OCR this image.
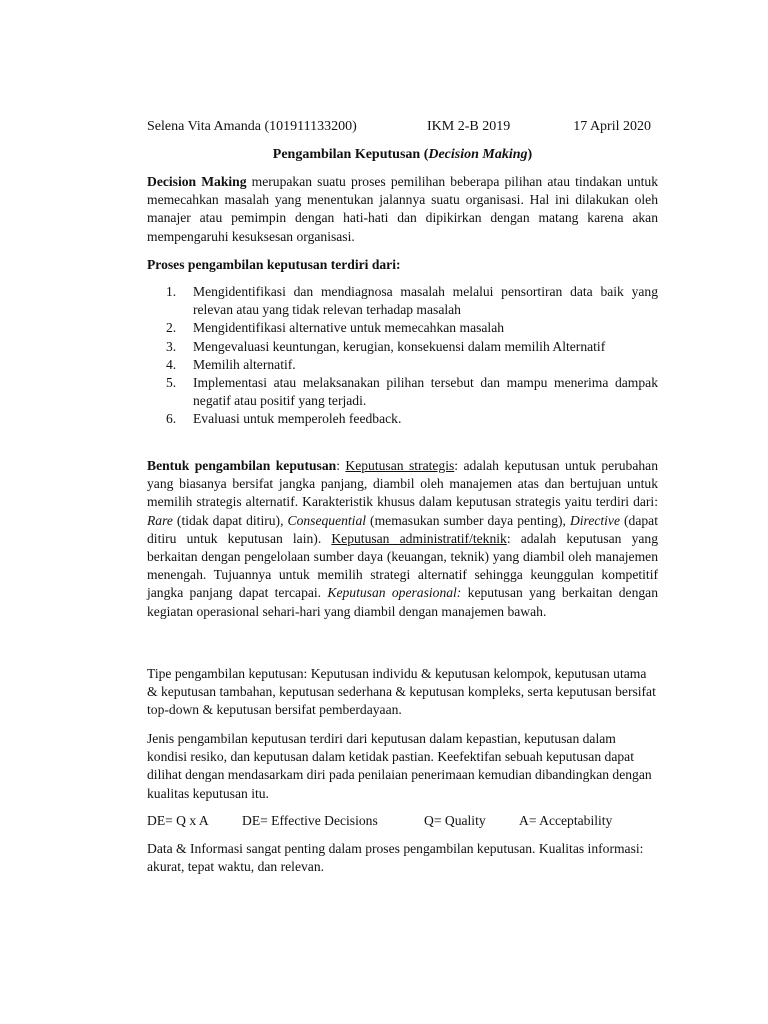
Selena Vita Amanda (101911133200)	IKM 2-B 2019	17 April 2020
Pengambilan Keputusan (Decision Making)
Decision Making merupakan suatu proses pemilihan beberapa pilihan atau tindakan untuk memecahkan masalah yang menentukan jalannya suatu organisasi. Hal ini dilakukan oleh manajer atau pemimpin dengan hati-hati dan dipikirkan dengan matang karena akan mempengaruhi kesuksesan organisasi.
Proses pengambilan keputusan terdiri dari:
1. Mengidentifikasi dan mendiagnosa masalah melalui pensortiran data baik yang relevan atau yang tidak relevan terhadap masalah
2. Mengidentifikasi alternative untuk memecahkan masalah
3. Mengevaluasi keuntungan, kerugian, konsekuensi dalam memilih Alternatif
4. Memilih alternatif.
5. Implementasi atau melaksanakan pilihan tersebut dan mampu menerima dampak negatif atau positif yang terjadi.
6. Evaluasi untuk memperoleh feedback.
Bentuk pengambilan keputusan: Keputusan strategis: adalah keputusan untuk perubahan yang biasanya bersifat jangka panjang, diambil oleh manajemen atas dan bertujuan untuk memilih strategis alternatif. Karakteristik khusus dalam keputusan strategis yaitu terdiri dari: Rare (tidak dapat ditiru), Consequential (memasukan sumber daya penting), Directive (dapat ditiru untuk keputusan lain). Keputusan administratif/teknik: adalah keputusan yang berkaitan dengan pengelolaan sumber daya (keuangan, teknik) yang diambil oleh manajemen menengah. Tujuannya untuk memilih strategi alternatif sehingga keunggulan kompetitif jangka panjang dapat tercapai. Keputusan operasional: keputusan yang berkaitan dengan kegiatan operasional sehari-hari yang diambil dengan manajemen bawah.
Tipe pengambilan keputusan: Keputusan individu & keputusan kelompok, keputusan utama & keputusan tambahan, keputusan sederhana & keputusan kompleks, serta keputusan bersifat top-down & keputusan bersifat pemberdayaan.
Jenis pengambilan keputusan terdiri dari keputusan dalam kepastian, keputusan dalam kondisi resiko, dan keputusan dalam ketidak pastian. Keefektifan sebuah keputusan dapat dilihat dengan mendasarkam diri pada penilaian penerimaan kemudian dibandingkan dengan kualitas keputusan itu.
DE= Q x A DE= Effective Decisions	Q= Quality A= Acceptability
Data & Informasi sangat penting dalam proses pengambilan keputusan. Kualitas informasi: akurat, tepat waktu, dan relevan.
